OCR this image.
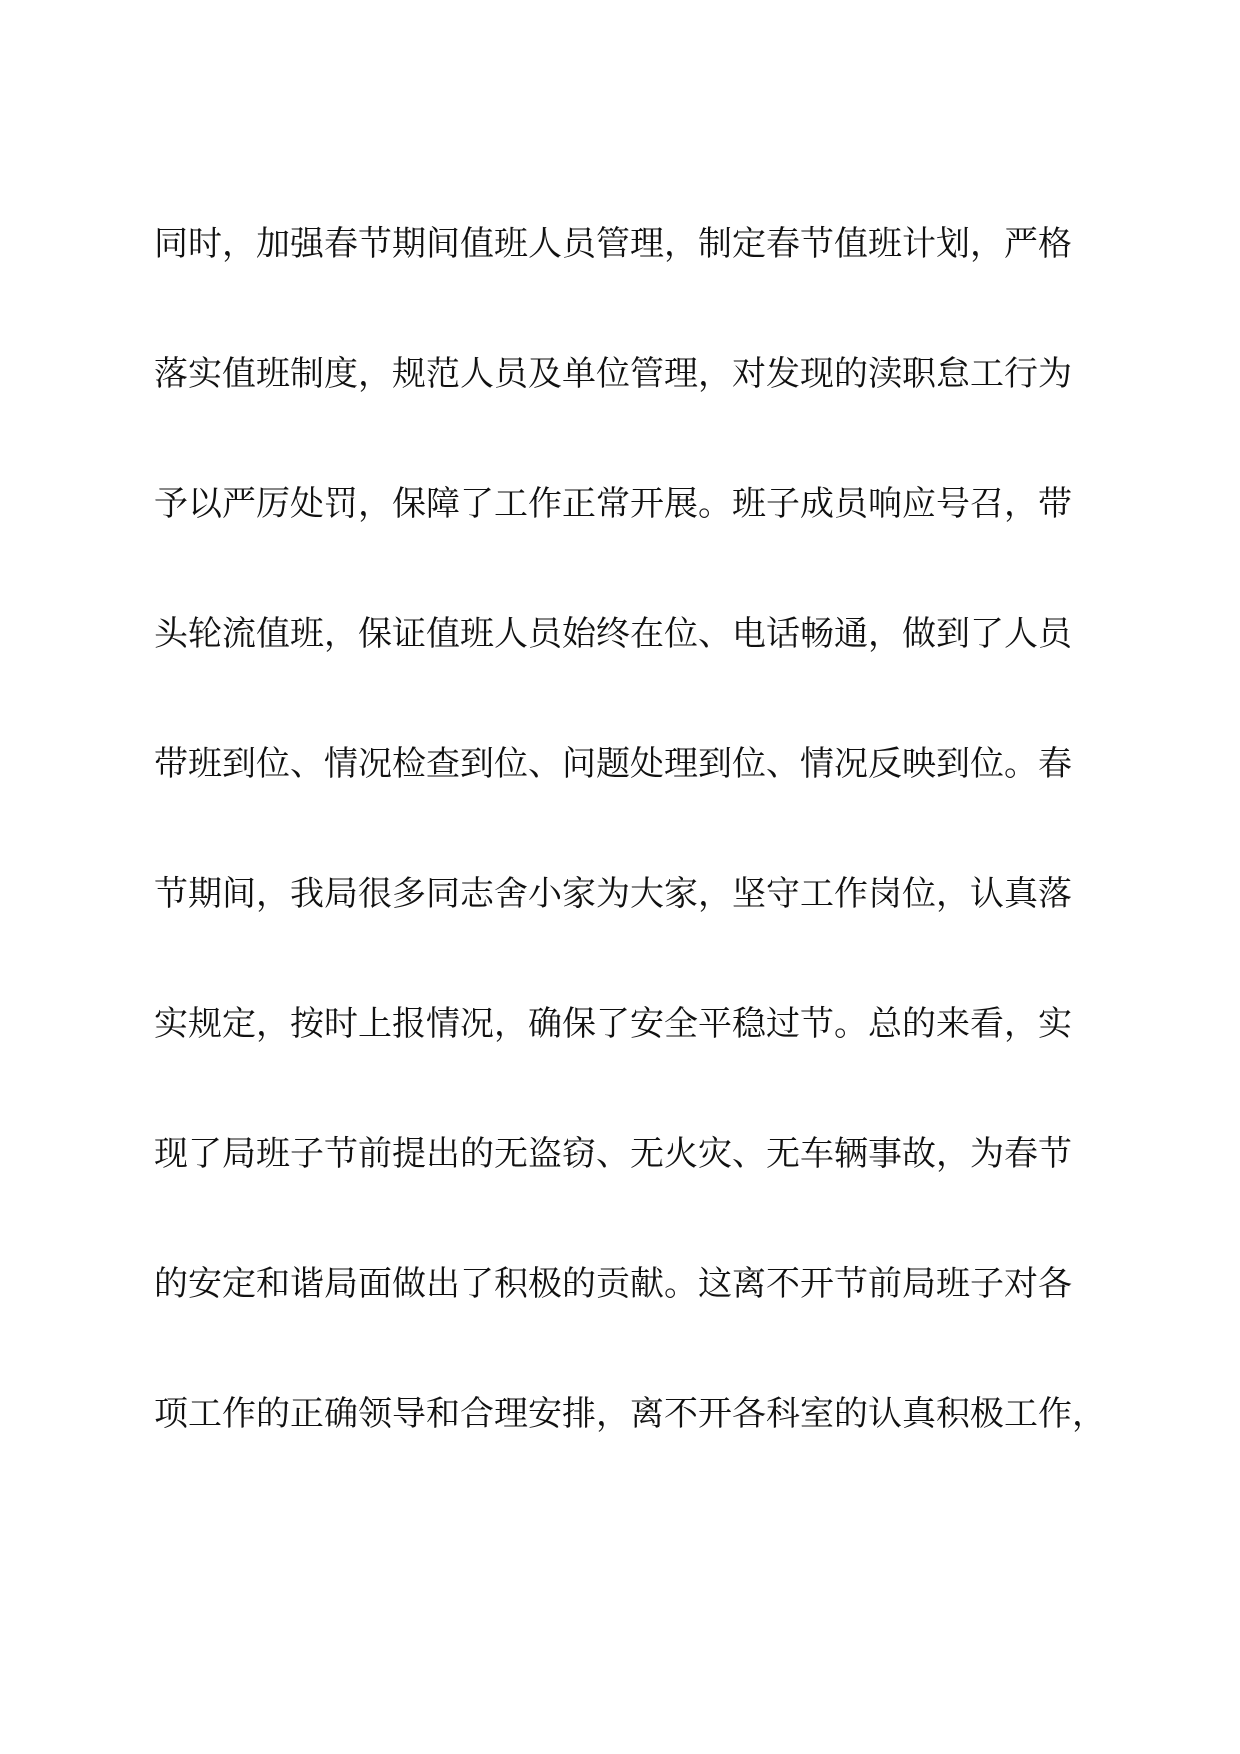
同时，加强春节期间值班人员管理，制定春节值班计划，严格
落实值班制度，规范人员及单位管理，对发现的渎职怠工行为
予以严厉处罚，保障了工作正常开展。班子成员响应号召，带
头轮流值班，保证值班人员始终在位、电话畅通，做到了人员
带班到位、情况检查到位、问题处理到位、情况反映到位。春
节期间，我局很多同志舍小家为大家，坚守工作岗位，认真落
实规定，按时上报情况，确保了安全平稳过节。总的来看，实
现了局班子节前提出的无盗窃、无火灾、无车辆事故，为春节
的安定和谐局面做出了积极的贡献。这离不开节前局班子对各
项工作的正确领导和合理安排，离不开各科室的认真积极工作，
